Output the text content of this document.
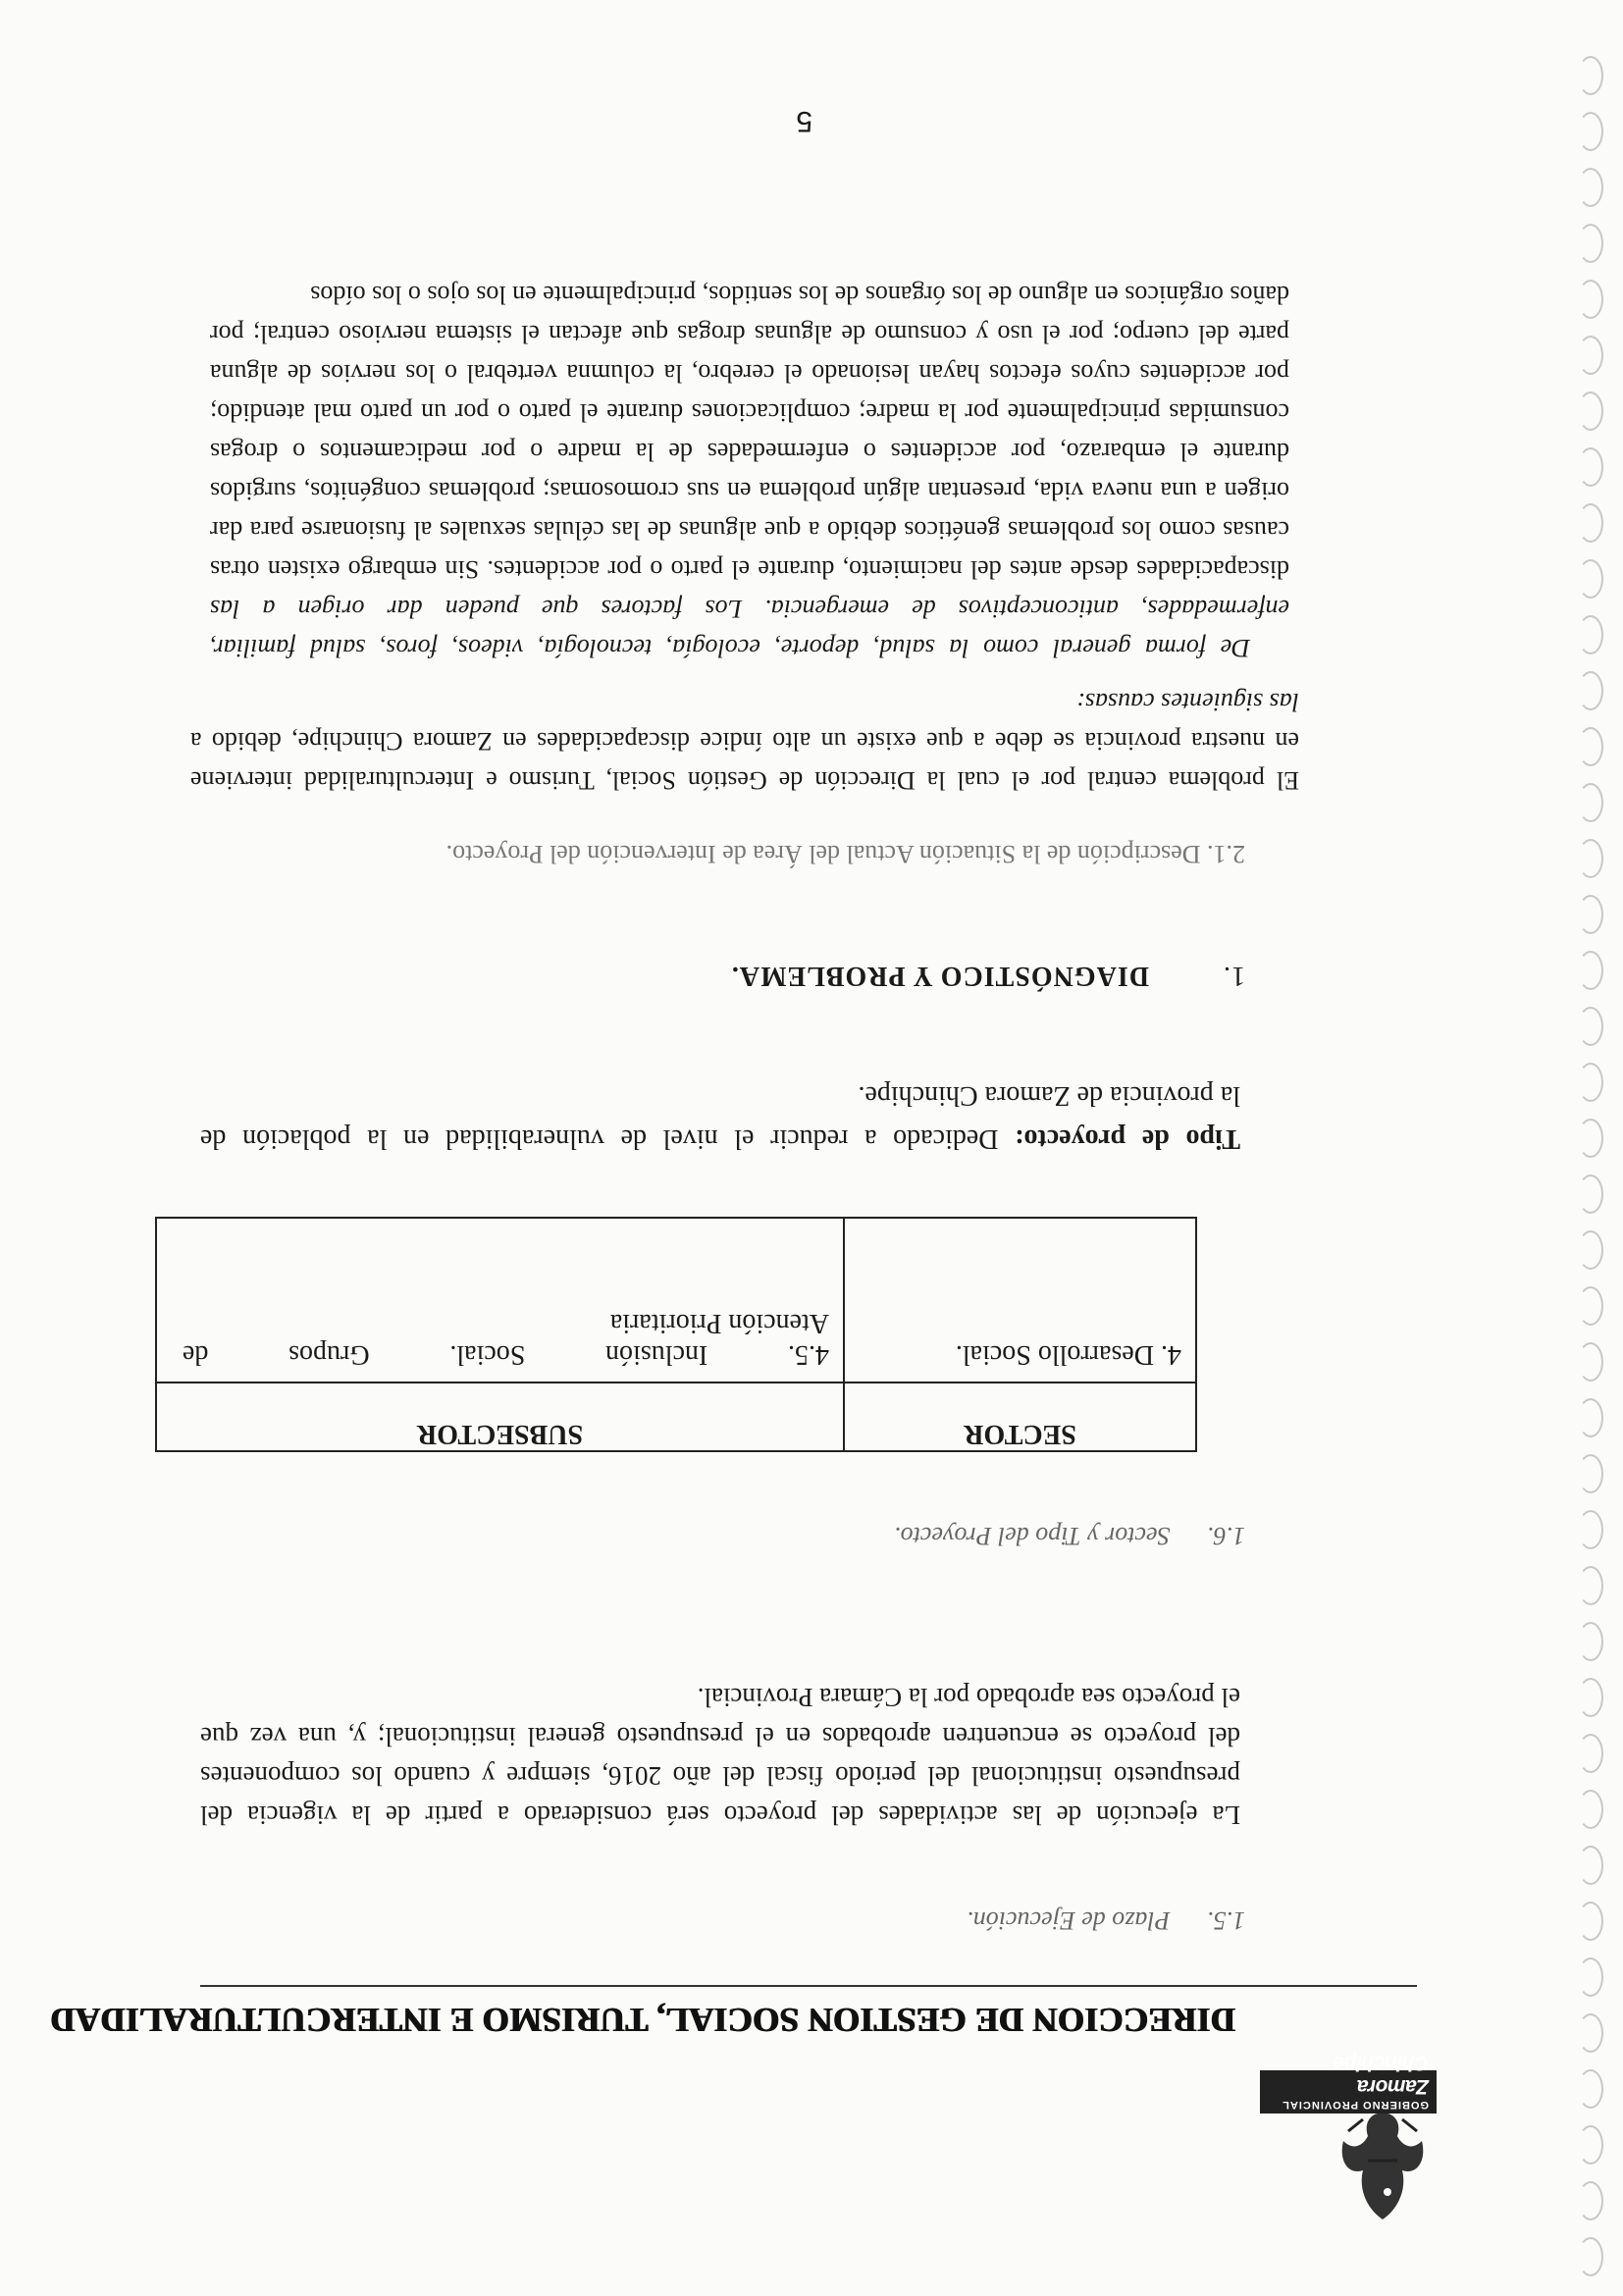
GOBIERNO PROVINCIAL
Zamora Chinchipe
DIRECCION DE GESTION SOCIAL, TURISMO E INTERCULTURALIDAD
1.5. Plazo de Ejecución.
La ejecución de las actividades del proyecto será considerado a partir de la vigencia del
presupuesto institucional del periodo fiscal del año 2016, siempre y cuando los componentes
del proyecto se encuentren aprobados en el presupuesto general institucional; y, una vez que
el proyecto sea aprobado por la Cámara Provincial.
1.6. Sector y Tipo del Proyecto.
SECTOR	SUBSECTOR
4. Desarrollo Social.	4.5. Inclusión Social. Grupos de
Atención Prioritaria
Tipo de proyecto: Dedicado a reducir el nivel de vulnerabilidad en la población de
la provincia de Zamora Chinchipe.
1. DIAGNÓSTICO Y PROBLEMA.
2.1. Descripción de la Situación Actual del Área de Intervención del Proyecto.
El problema central por el cual la Dirección de Gestión Social, Turismo e Interculturalidad interviene
en nuestra provincia se debe a que existe un alto índice discapacidades en Zamora Chinchipe, debido a
las siguientes causas:
De forma general como la salud, deporte, ecología, tecnología, videos, foros, salud familiar,
enfermedades, anticonceptivos de emergencia. Los factores que pueden dar origen a las
discapacidades desde antes del nacimiento, durante el parto o por accidentes. Sin embargo existen otras
causas como los problemas genéticos debido a que algunas de las células sexuales al fusionarse para dar
origen a una nueva vida, presentan algún problema en sus cromosomas; problemas congénitos, surgidos
durante el embarazo, por accidentes o enfermedades de la madre o por medicamentos o drogas
consumidas principalmente por la madre; complicaciones durante el parto o por un parto mal atendido;
por accidentes cuyos efectos hayan lesionado el cerebro, la columna vertebral o los nervios de alguna
parte del cuerpo; por el uso y consumo de algunas drogas que afectan el sistema nervioso central; por
daños orgánicos en alguno de los órganos de los sentidos, principalmente en los ojos o los oídos
5
